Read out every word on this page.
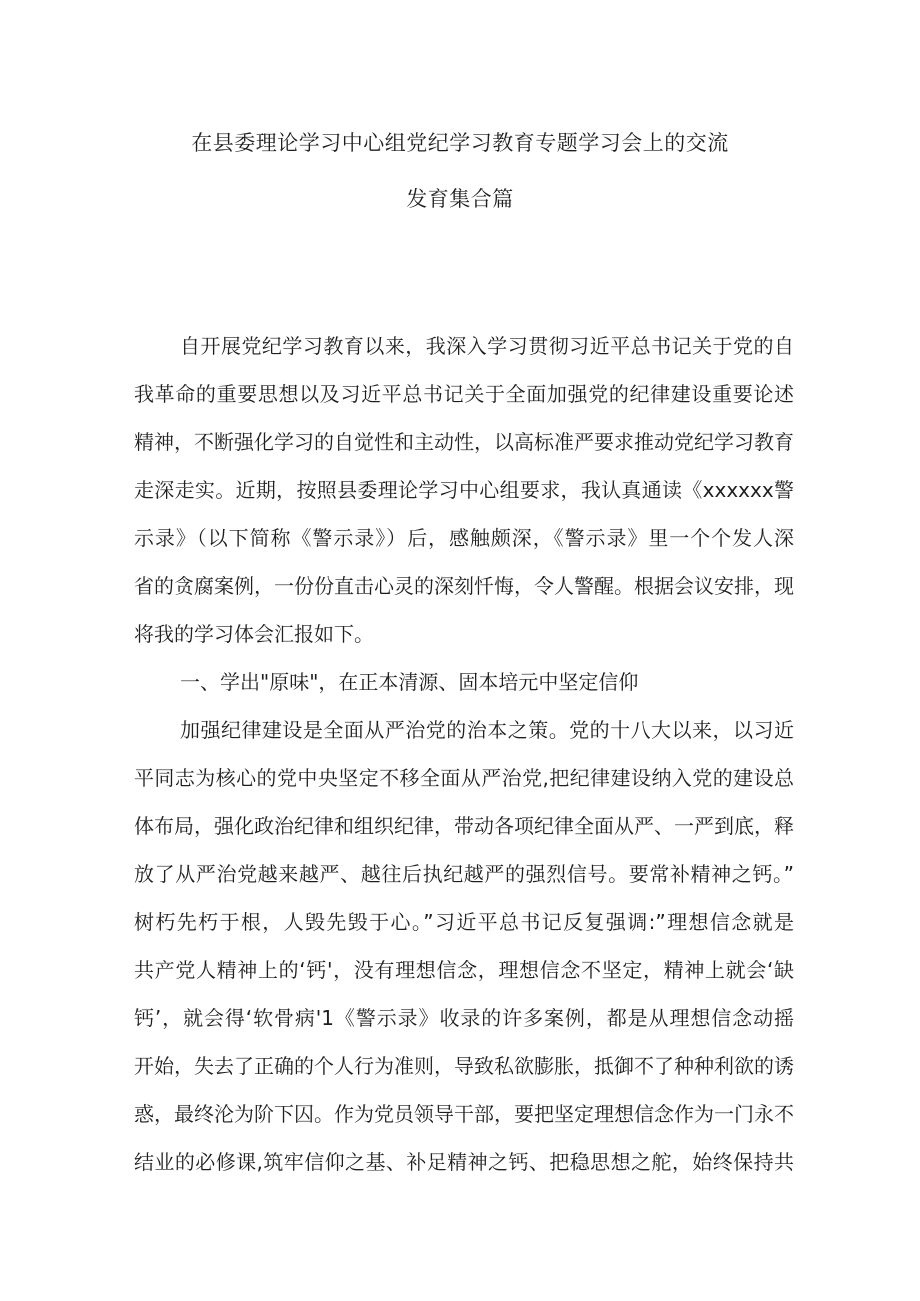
在县委理论学习中心组党纪学习教育专题学习会上的交流
发育集合篇
自开展党纪学习教育以来，我深入学习贯彻习近平总书记关于党的自
我革命的重要思想以及习近平总书记关于全面加强党的纪律建设重要论述
精神，不断强化学习的自觉性和主动性，以高标准严要求推动党纪学习教育
走深走实。近期，按照县委理论学习中心组要求，我认真通读《xxxxxx警
示录》（以下简称《警示录》）后，感触颇深，《警示录》里一个个发人深
省的贪腐案例，一份份直击心灵的深刻忏悔，令人警醒。根据会议安排，现
将我的学习体会汇报如下。
一、学出"原味"，在正本清源、固本培元中坚定信仰
加强纪律建设是全面从严治党的治本之策。党的十八大以来，以习近
平同志为核心的党中央坚定不移全面从严治党,把纪律建设纳入党的建设总
体布局，强化政治纪律和组织纪律，带动各项纪律全面从严、一严到底，释
放了从严治党越来越严、越往后执纪越严的强烈信号。要常补精神之钙。”
树朽先朽于根，人毁先毁于心。”习近平总书记反复强调:”理想信念就是
共产党人精神上的‘钙'，没有理想信念，理想信念不坚定，精神上就会‘缺
钙’，就会得‘软骨病'1《警示录》收录的许多案例，都是从理想信念动摇
开始，失去了正确的个人行为准则，导致私欲膨胀，抵御不了种种利欲的诱
惑，最终沦为阶下囚。作为党员领导干部，要把坚定理想信念作为一门永不
结业的必修课,筑牢信仰之基、补足精神之钙、把稳思想之舵，始终保持共
